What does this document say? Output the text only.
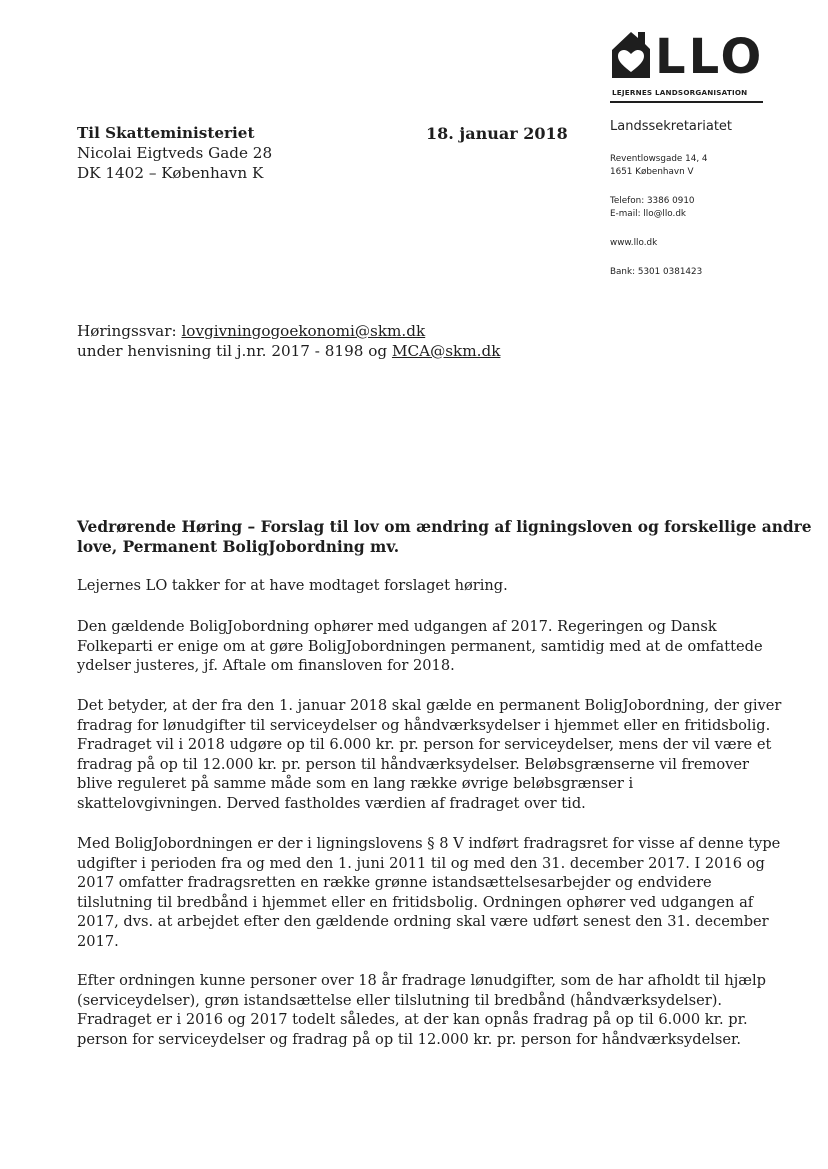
LLO
LEJERNES LANDSORGANISATION
Landssekretariatet
Reventlowsgade 14, 4
1651 København V
Telefon: 3386 0910
E-mail: llo@llo.dk
www.llo.dk
Bank: 5301 0381423
Til Skatteministeriet
Nicolai Eigtveds Gade 28
DK 1402 – København K
18. januar 2018
Høringssvar: lovgivningogoekonomi@skm.dk
under henvisning til j.nr. 2017 - 8198 og MCA@skm.dk
Vedrørende Høring – Forslag til lov om ændring af ligningsloven og forskellige andre
love, Permanent BoligJobordning mv.
Lejernes LO takker for at have modtaget forslaget høring.
Den gældende BoligJobordning ophører med udgangen af 2017. Regeringen og Dansk
Folkeparti er enige om at gøre BoligJobordningen permanent, samtidig med at de omfattede
ydelser justeres, jf. Aftale om finansloven for 2018.
Det betyder, at der fra den 1. januar 2018 skal gælde en permanent BoligJobordning, der giver
fradrag for lønudgifter til serviceydelser og håndværksydelser i hjemmet eller en fritidsbolig.
Fradraget vil i 2018 udgøre op til 6.000 kr. pr. person for serviceydelser, mens der vil være et
fradrag på op til 12.000 kr. pr. person til håndværksydelser. Beløbsgrænserne vil fremover
blive reguleret på samme måde som en lang række øvrige beløbsgrænser i
skattelovgivningen. Derved fastholdes værdien af fradraget over tid.
Med BoligJobordningen er der i ligningslovens § 8 V indført fradragsret for visse af denne type
udgifter i perioden fra og med den 1. juni 2011 til og med den 31. december 2017. I 2016 og
2017 omfatter fradragsretten en række grønne istandsættelsesarbejder og endvidere
tilslutning til bredbånd i hjemmet eller en fritidsbolig. Ordningen ophører ved udgangen af
2017, dvs. at arbejdet efter den gældende ordning skal være udført senest den 31. december
2017.
Efter ordningen kunne personer over 18 år fradrage lønudgifter, som de har afholdt til hjælp
(serviceydelser), grøn istandsættelse eller tilslutning til bredbånd (håndværksydelser).
Fradraget er i 2016 og 2017 todelt således, at der kan opnås fradrag på op til 6.000 kr. pr.
person for serviceydelser og fradrag på op til 12.000 kr. pr. person for håndværksydelser.
